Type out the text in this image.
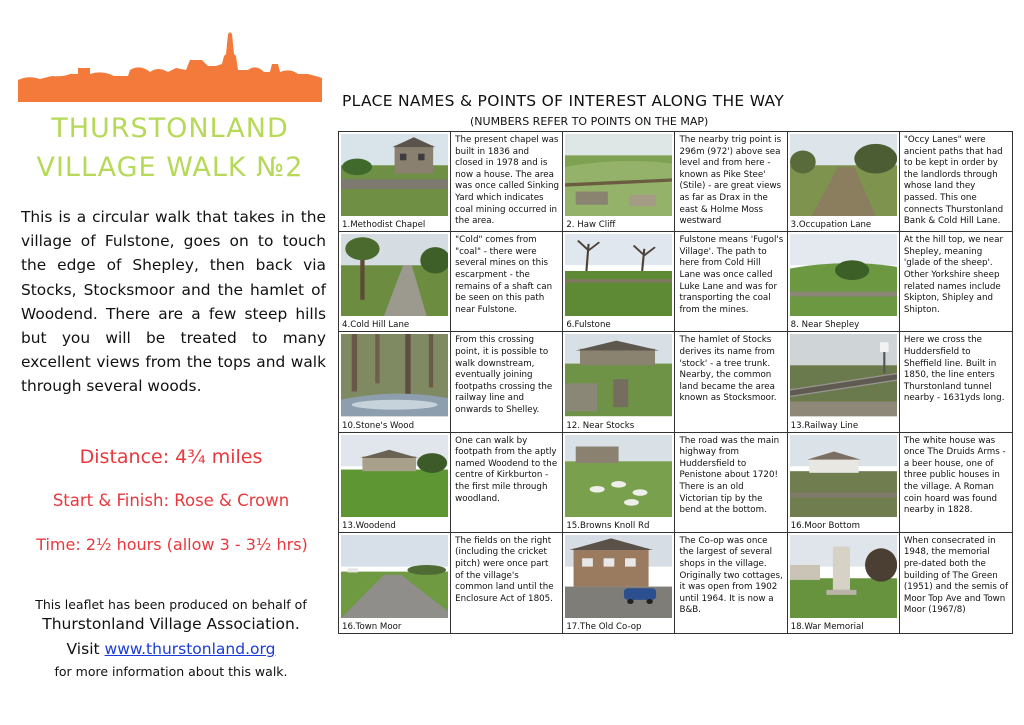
THURSTONLAND
VILLAGE WALK №2

This is a circular walk that takes in the village of Fulstone, goes on to touch the edge of Shepley, then back via Stocks, Stocksmoor and the hamlet of Woodend. There are a few steep hills but you will be treated to many excellent views from the tops and walk through several woods.

Distance: 4¾ miles
Start & Finish: Rose & Crown
Time: 2½ hours (allow 3 - 3½ hrs)
This leaflet has been produced on behalf of
Thurstonland Village Association.
Visit www.thurstonland.org
for more information about this walk.
PLACE NAMES & POINTS OF INTEREST ALONG THE WAY
(NUMBERS REFER TO POINTS ON THE MAP)
1.Methodist Chapel
The present chapel was built in 1836 and closed in 1978 and is now a house. The area was once called Sinking Yard which indicates coal mining occurred in the area.	2. Haw Cliff
The nearby trig point is 296m (972') above sea level and from here - known as Pike Stee' (Stile) - are great views as far as Drax in the east & Holme Moss westward	3.Occupation Lane
"Occy Lanes" were ancient paths that had to be kept in order by the landlords through whose land they passed. This one connects Thurstonland Bank & Cold Hill Lane.
4.Cold Hill Lane
"Cold" comes from "coal" - there were several mines on this escarpment - the remains of a shaft can be seen on this path near Fulstone.
6.Fulstone
Fulstone means 'Fugol's Village'. The path to here from Cold Hill Lane was once called Luke Lane and was for transporting the coal from the mines.
8. Near Shepley
At the hill top, we near Shepley, meaning 'glade of the sheep'. Other Yorkshire sheep related names include Skipton, Shipley and Shipton.
10.Stone's Wood
From this crossing point, it is possible to walk downstream, eventually joining footpaths crossing the railway line and onwards to Shelley.
12. Near Stocks
The hamlet of Stocks derives its name from 'stock' - a tree trunk. Nearby, the common land became the area known as Stocksmoor.
13.Railway Line
Here we cross the Huddersfield to Sheffield line. Built in 1850, the line enters Thurstonland tunnel nearby - 1631yds long.
13.Woodend
One can walk by footpath from the aptly named Woodend to the centre of Kirkburton - the first mile through woodland.
15.Browns Knoll Rd
The road was the main highway from Huddersfield to Penistone about 1720! There is an old Victorian tip by the bend at the bottom.
16.Moor Bottom
The white house was once The Druids Arms - a beer house, one of three public houses in the village. A Roman coin hoard was found nearby in 1828.
16.Town Moor
The fields on the right (including the cricket pitch) were once part of the village's common land until the Enclosure Act of 1805.
17.The Old Co-op
The Co-op was once the largest of several shops in the village. Originally two cottages, it was open from 1902 until 1964. It is now a B&B.
18.War Memorial
When consecrated in 1948, the memorial pre-dated both the building of The Green (1951) and the semis of Moor Top Ave and Town Moor (1967/8)
